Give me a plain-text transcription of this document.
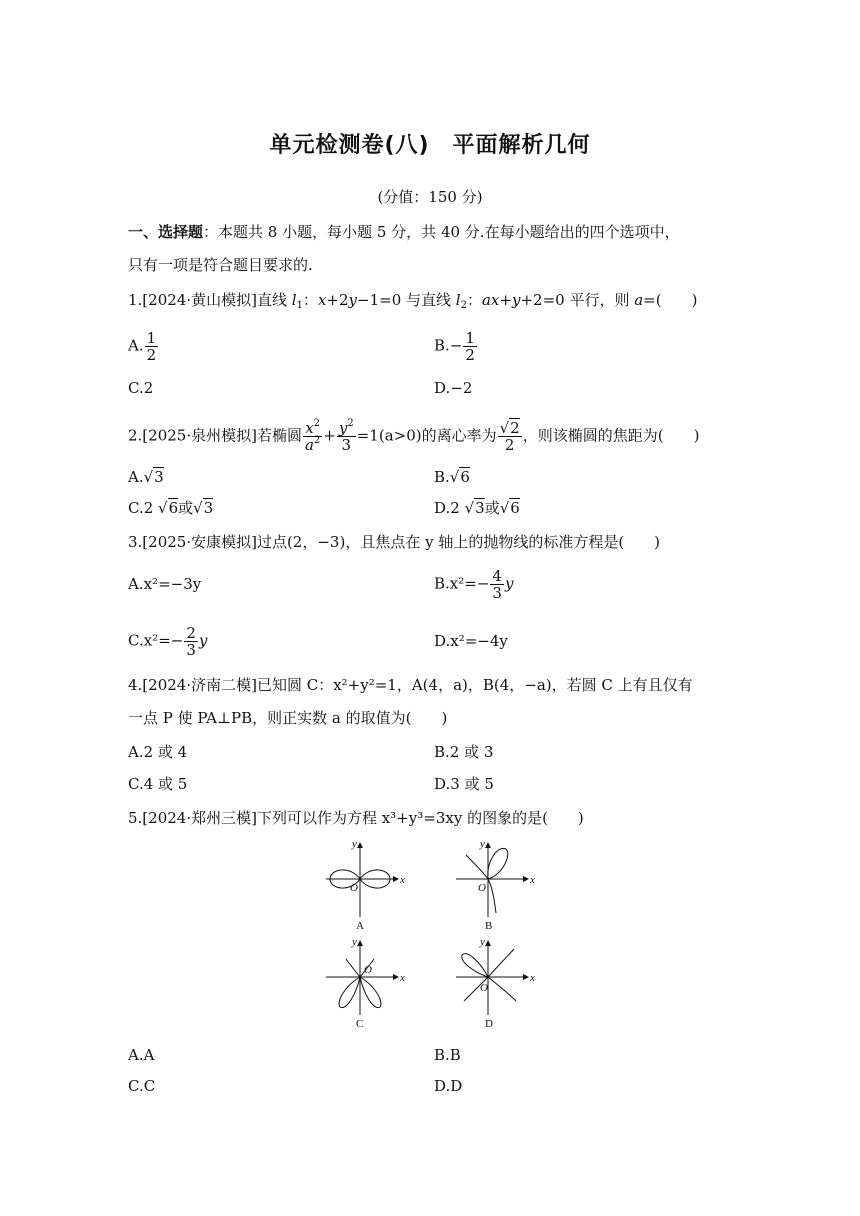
单元检测卷(八)　平面解析几何
(分值：150 分)
一、选择题：本题共 8 小题，每小题 5 分，共 40 分.在每小题给出的四个选项中，
只有一项是符合题目要求的.
1.[2024·黄山模拟]直线 $l_1$：x+2y−1=0 与直线 $l_2$：ax+y+2=0 平行，则 a=(　　)
A. $\frac{1}{2}$	$B.- \frac{1}{2}$
C.2	D.−2
2.[2025·泉州模拟]若椭圆 $\frac{x^2}{a^2} + \frac{y^2}{3} =1(a>0)$的离心率为 $\frac{√2}{2}$ ，则该椭圆的焦距为(　　)
A.√3	B.√6
C.2 √6或√3	D.2 √3或√6
3.[2025·安康模拟]过点(2，−3)，且焦点在 y 轴上的抛物线的标准方程是(　　)
A.x²=−3y	$B.x^2=- \frac{4}{3}$ y
$C.x^2=- \frac{2}{3}$ y	D.x²=−4y
4.[2024·济南二模]已知圆 C：x²+y²=1，A(4，a)，B(4，−a)，若圆 C 上有且仅有
一点 P 使 PA⊥PB，则正实数 a 的取值为(　　)
A.2 或 4	B.2 或 3
C.4 或 5	D.3 或 5
5.[2024·郑州三模]下列可以作为方程 x³+y³=3xy 的图象的是(　　)
y
x
O
y
x
O
y
x
O
y
x
O
A	B
C	D
A.A	B.B
C.C	D.D
